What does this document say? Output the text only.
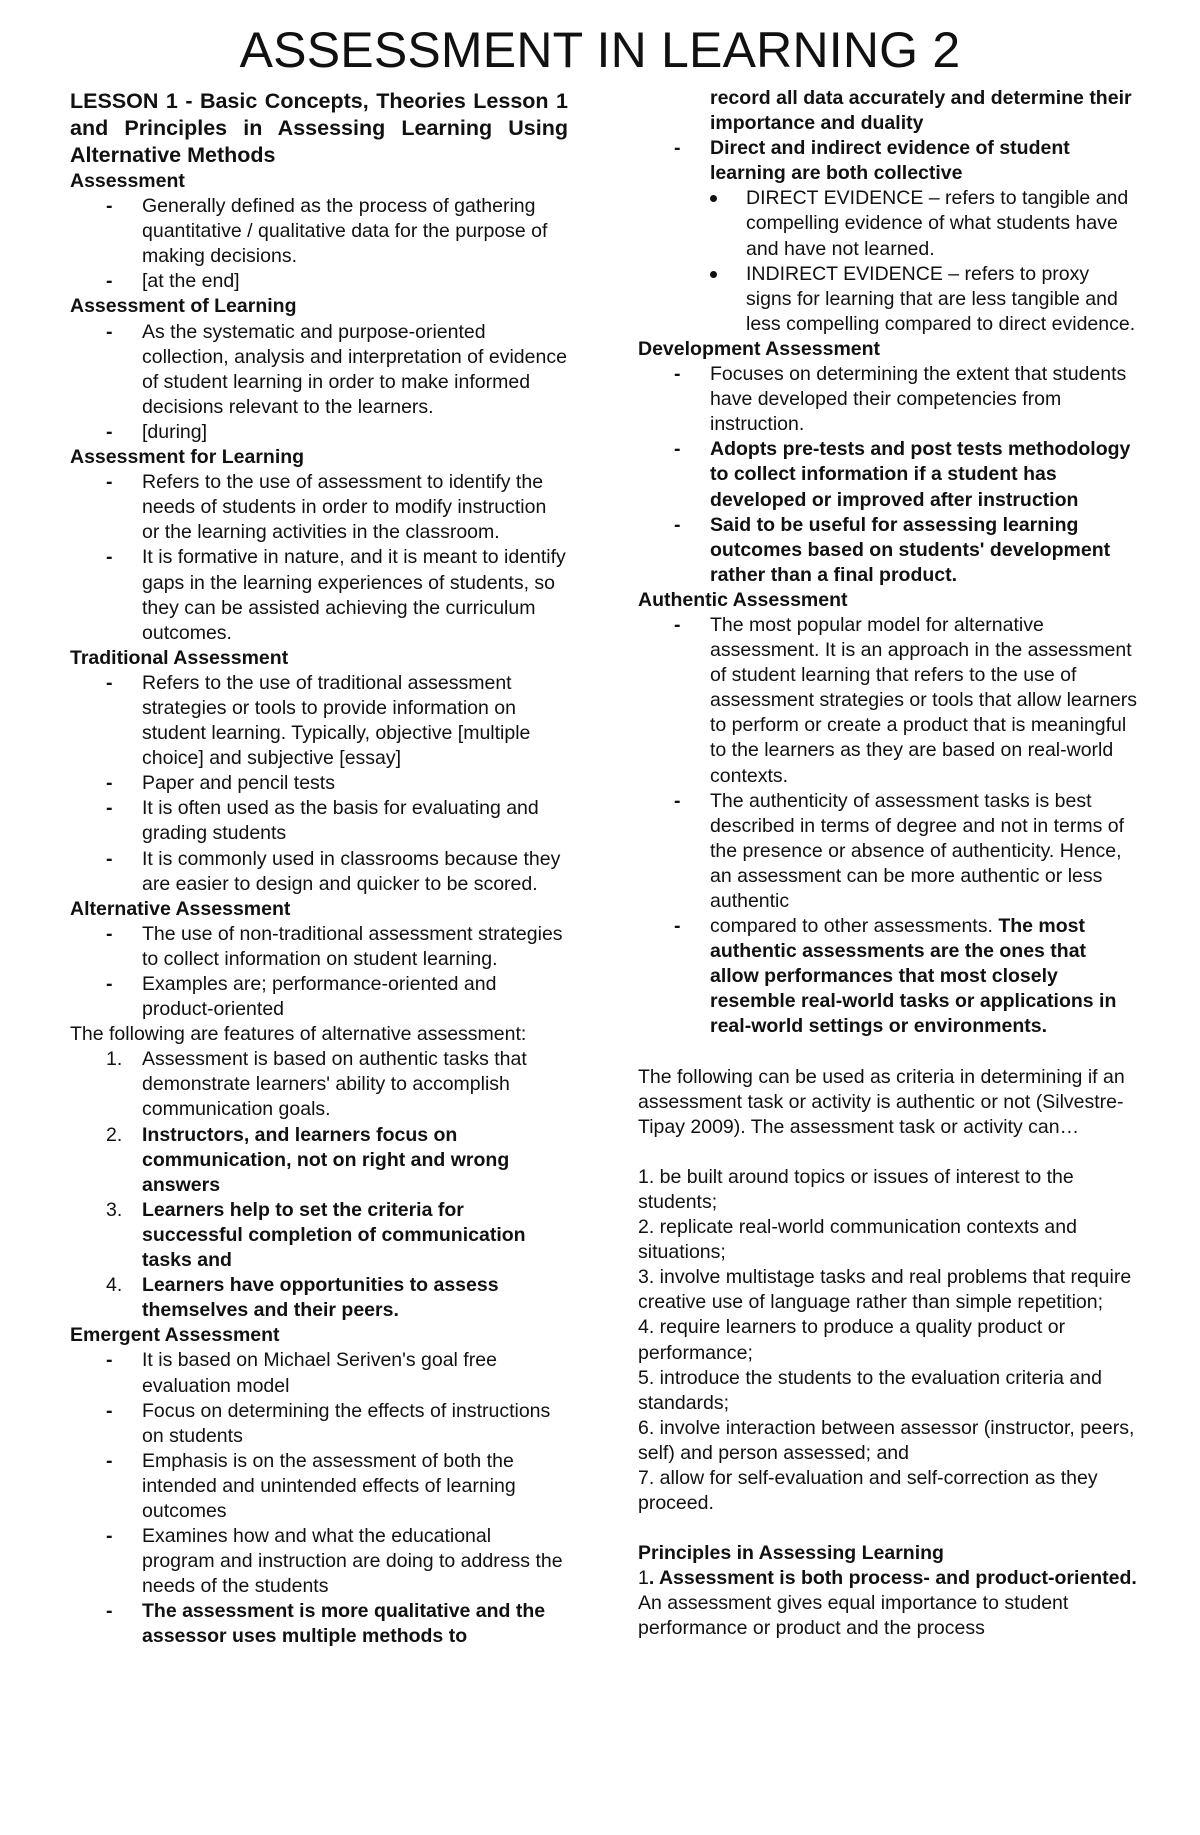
ASSESSMENT IN LEARNING 2

LESSON 1 - Basic Concepts, Theories Lesson 1 and Principles in Assessing Learning Using Alternative Methods

Assessment

- Generally defined as the process of gathering quantitative / qualitative data for the purpose of making decisions.
- [at the end]

Assessment of Learning

- As the systematic and purpose-oriented collection, analysis and interpretation of evidence of student learning in order to make informed decisions relevant to the learners.
- [during]

Assessment for Learning

- Refers to the use of assessment to identify the needs of students in order to modify instruction or the learning activities in the classroom.
- It is formative in nature, and it is meant to identify gaps in the learning experiences of students, so they can be assisted achieving the curriculum outcomes.

Traditional Assessment

- Refers to the use of traditional assessment strategies or tools to provide information on student learning. Typically, objective [multiple choice] and subjective [essay]
- Paper and pencil tests
- It is often used as the basis for evaluating and grading students
- It is commonly used in classrooms because they are easier to design and quicker to be scored.

Alternative Assessment

- The use of non-traditional assessment strategies to collect information on student learning.
- Examples are; performance-oriented and product-oriented

The following are features of alternative assessment:

1. Assessment is based on authentic tasks that demonstrate learners' ability to accomplish communication goals.
2. Instructors, and learners focus on communication, not on right and wrong answers
3. Learners help to set the criteria for successful completion of communication tasks and
4. Learners have opportunities to assess themselves and their peers.

Emergent Assessment

- It is based on Michael Seriven's goal free evaluation model
- Focus on determining the effects of instructions on students
- Emphasis is on the assessment of both the intended and unintended effects of learning outcomes
- Examines how and what the educational program and instruction are doing to address the needs of the students
- The assessment is more qualitative and the assessor uses multiple methods to

record all data accurately and determine their importance and duality

- Direct and indirect evidence of student learning are both collective
DIRECT EVIDENCE – refers to tangible and compelling evidence of what students have and have not learned.
INDIRECT EVIDENCE – refers to proxy signs for learning that are less tangible and less compelling compared to direct evidence.

Development Assessment

- Focuses on determining the extent that students have developed their competencies from instruction.
- Adopts pre-tests and post tests methodology to collect information if a student has developed or improved after instruction
- Said to be useful for assessing learning outcomes based on students' development rather than a final product.

Authentic Assessment

- The most popular model for alternative assessment. It is an approach in the assessment of student learning that refers to the use of assessment strategies or tools that allow learners to perform or create a product that is meaningful to the learners as they are based on real-world contexts.
- The authenticity of assessment tasks is best described in terms of degree and not in terms of the presence or absence of authenticity. Hence, an assessment can be more authentic or less authentic
- compared to other assessments. The most authentic assessments are the ones that allow performances that most closely resemble real-world tasks or applications in real-world settings or environments.

The following can be used as criteria in determining if an assessment task or activity is authentic or not (Silvestre-Tipay 2009). The assessment task or activity can…

1. be built around topics or issues of interest to the students;

2. replicate real-world communication contexts and situations;

3. involve multistage tasks and real problems that require creative use of language rather than simple repetition;

4. require learners to produce a quality product or performance;

5. introduce the students to the evaluation criteria and standards;

6. involve interaction between assessor (instructor, peers, self) and person assessed; and

7. allow for self-evaluation and self-correction as they proceed.

Principles in Assessing Learning

1. Assessment is both process- and product-oriented. An assessment gives equal importance to student performance or product and the process
